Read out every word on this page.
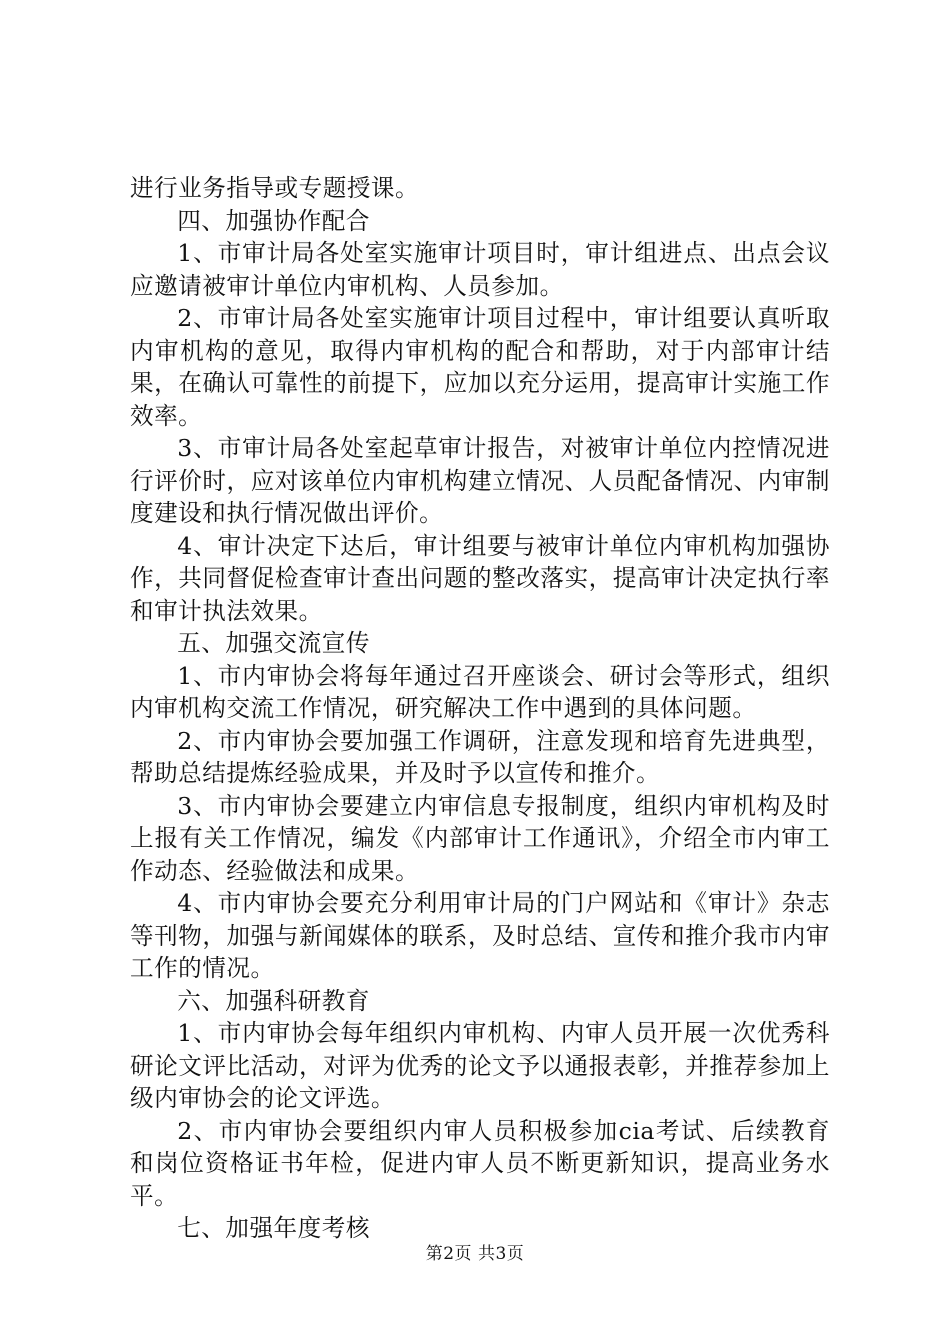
进行业务指导或专题授课。

四、加强协作配合

1、市审计局各处室实施审计项目时，审计组进点、出点会议应邀请被审计单位内审机构、人员参加。

2、市审计局各处室实施审计项目过程中，审计组要认真听取内审机构的意见，取得内审机构的配合和帮助，对于内部审计结果，在确认可靠性的前提下，应加以充分运用，提高审计实施工作效率。

3、市审计局各处室起草审计报告，对被审计单位内控情况进行评价时，应对该单位内审机构建立情况、人员配备情况、内审制度建设和执行情况做出评价。

4、审计决定下达后，审计组要与被审计单位内审机构加强协作，共同督促检查审计查出问题的整改落实，提高审计决定执行率和审计执法效果。

五、加强交流宣传

1、市内审协会将每年通过召开座谈会、研讨会等形式，组织内审机构交流工作情况，研究解决工作中遇到的具体问题。

2、市内审协会要加强工作调研，注意发现和培育先进典型，帮助总结提炼经验成果，并及时予以宣传和推介。

3、市内审协会要建立内审信息专报制度，组织内审机构及时上报有关工作情况，编发《内部审计工作通讯》，介绍全市内审工作动态、经验做法和成果。

4、市内审协会要充分利用审计局的门户网站和《审计》杂志等刊物，加强与新闻媒体的联系，及时总结、宣传和推介我市内审工作的情况。

六、加强科研教育

1、市内审协会每年组织内审机构、内审人员开展一次优秀科研论文评比活动，对评为优秀的论文予以通报表彰，并推荐参加上级内审协会的论文评选。

2、市内审协会要组织内审人员积极参加cia考试、后续教育和岗位资格证书年检，促进内审人员不断更新知识，提高业务水平。

七、加强年度考核

第2页 共3页
